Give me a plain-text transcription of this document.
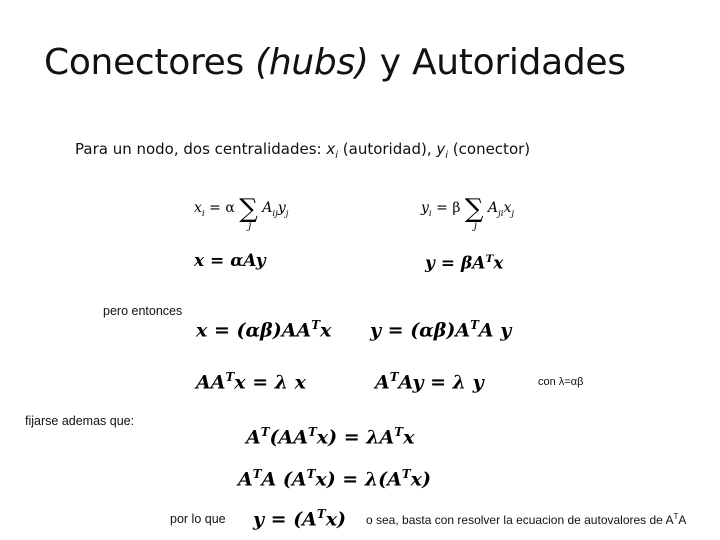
Conectores (hubs) y Autoridades
Para un nodo, dos centralidades: $x_i$ (autoridad), $y_i$ (conector)
$x_i = \alpha$ ∑
j
$A_{ij}y_j$	$y_i = \beta$ ∑
j
$A_{ji}x_j$
x = αAy	$y = \beta A^Tx$
pero entonces
$x = (\alpha\beta)AA^Tx$ $y = (\alpha\beta)A^TA$ y
$AA^Tx = \lambda$ x	$A^TAy = \lambda$ y	con λ=αβ
fijarse ademas que:
$A^T(AA^Tx) = \lambda A^Tx$
$A^TA$ $(A^Tx) = \lambda(A^Tx)$
por lo que $y = (A^Tx)$ o sea, basta con resolver la ecuacion de autovalores de $A^TA$
